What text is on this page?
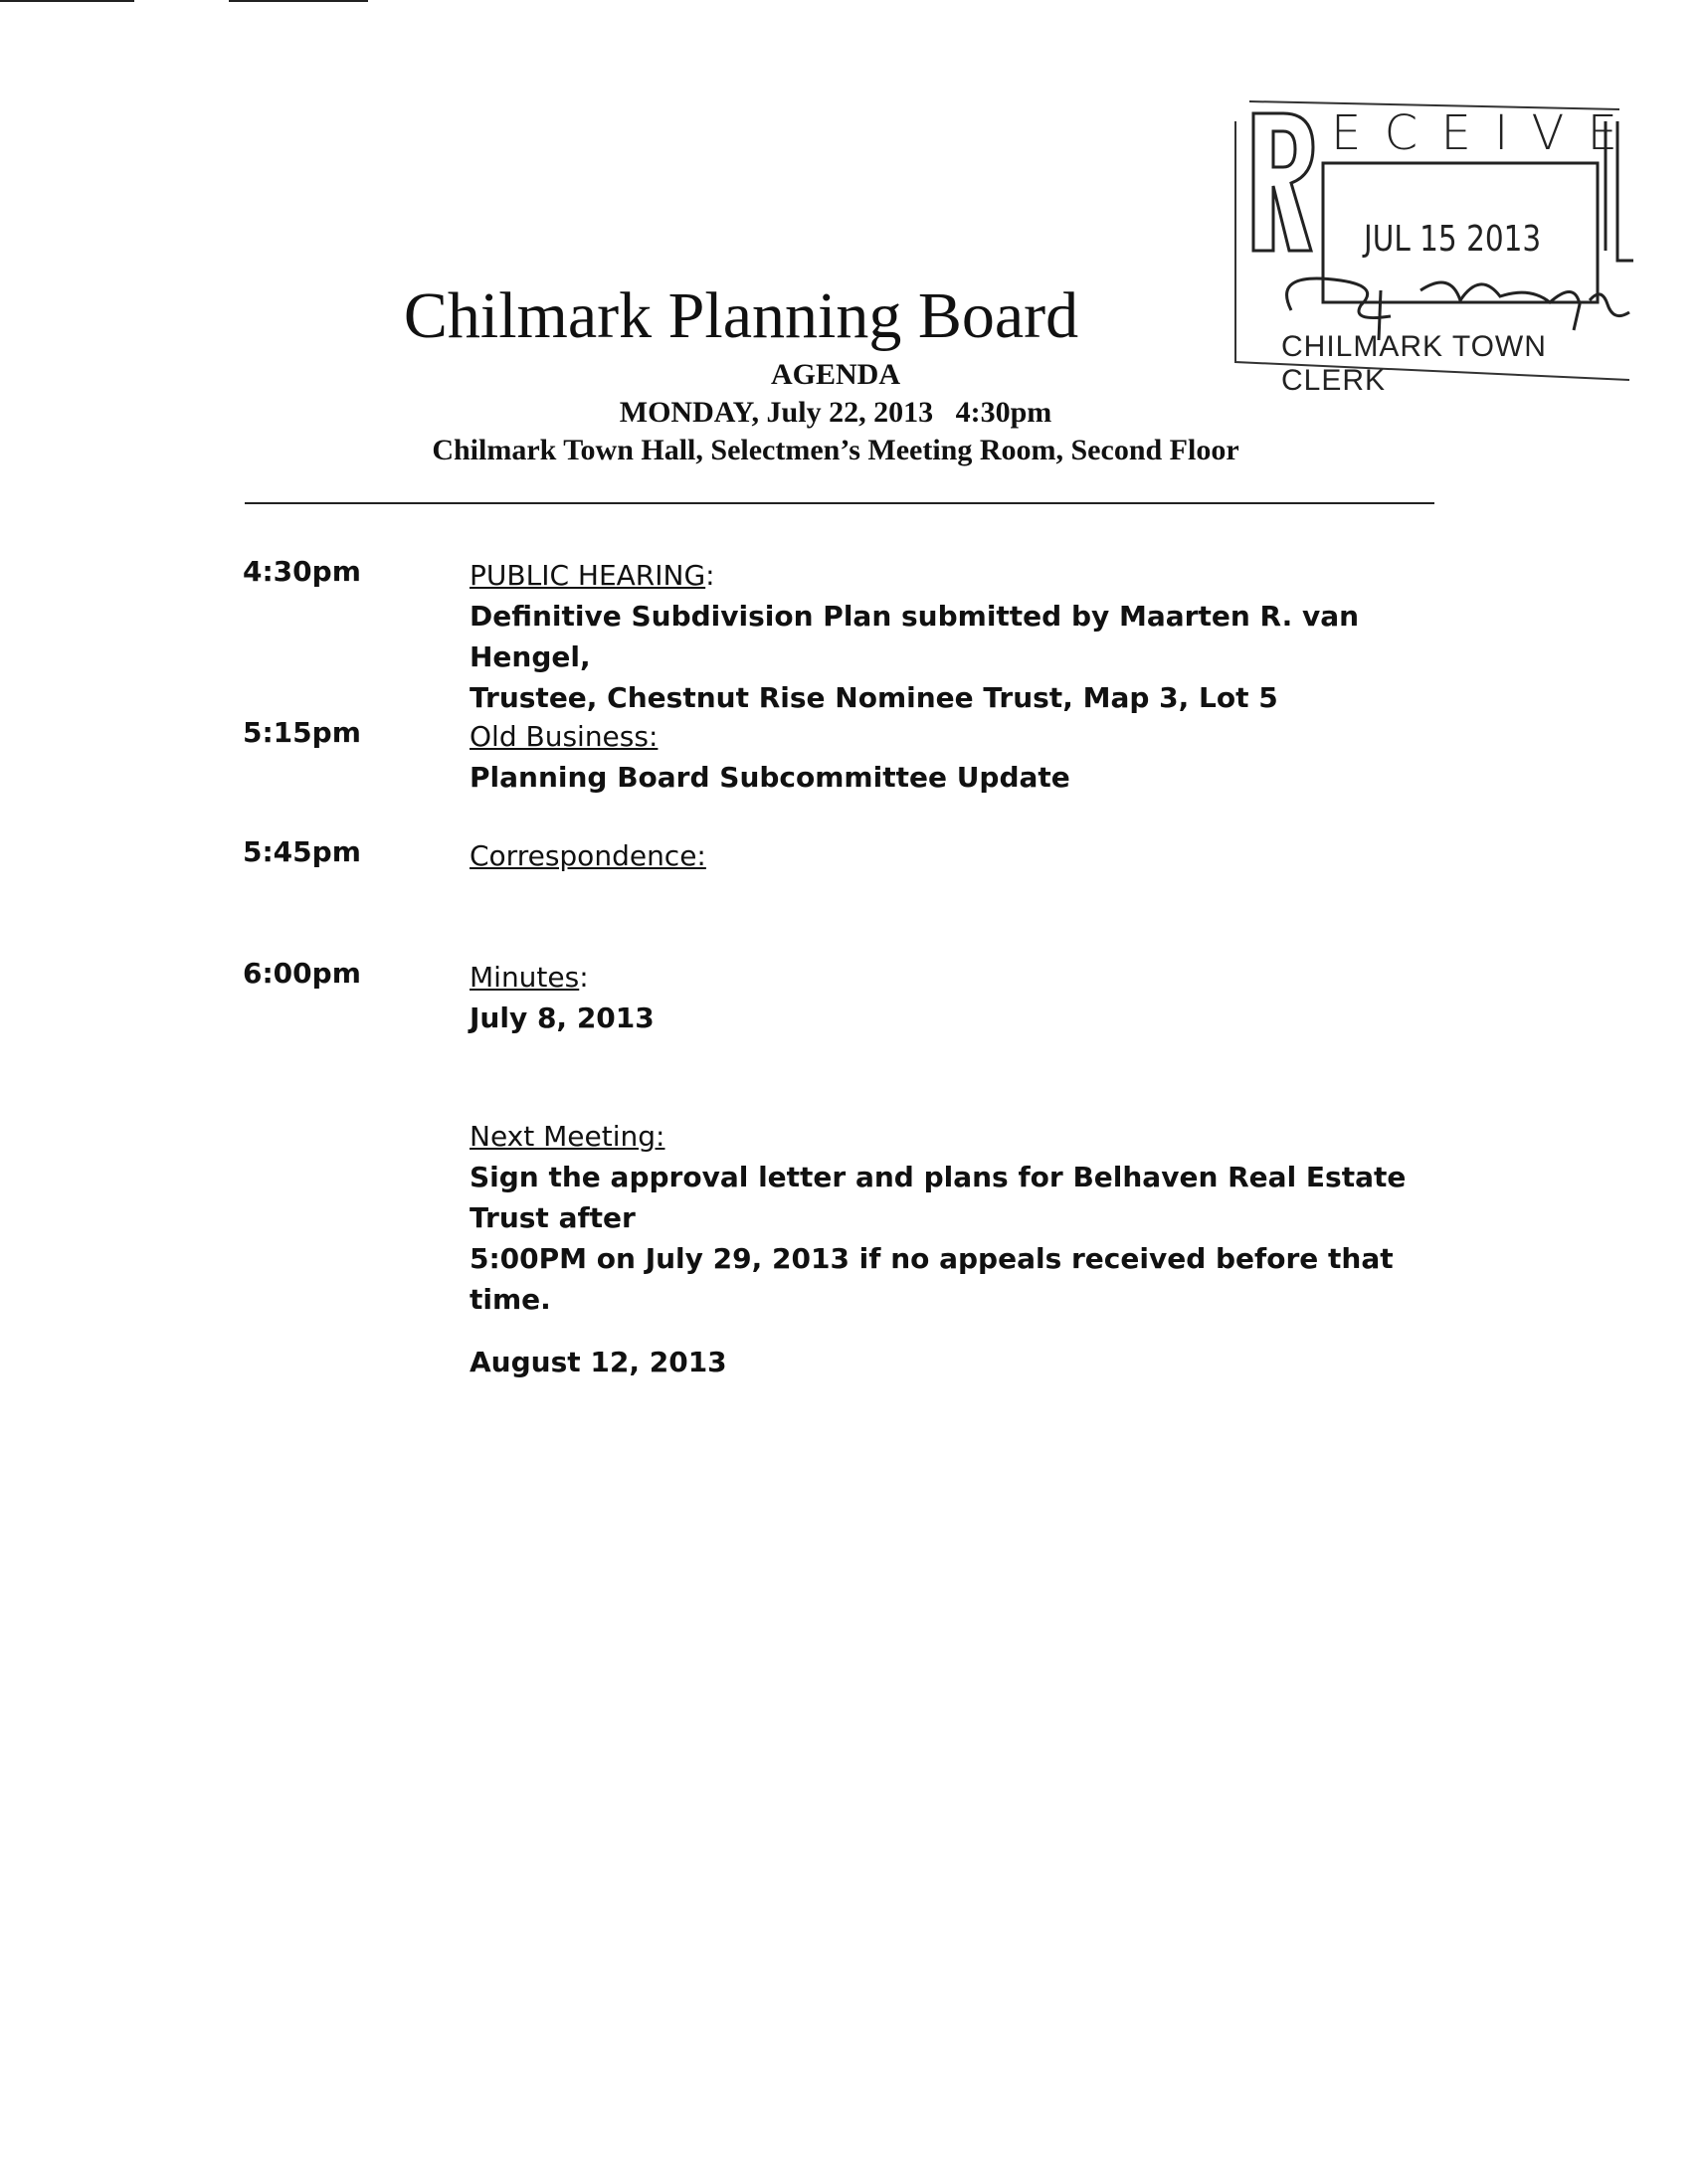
E C E I V E
JUL 15 2013
CHILMARK TOWN CLERK
Chilmark Planning Board
AGENDA
MONDAY, July 22, 2013   4:30pm
Chilmark Town Hall, Selectmen’s Meeting Room, Second Floor
4:30pm	PUBLIC HEARING:
Definitive Subdivision Plan submitted by Maarten R. van Hengel,
Trustee, Chestnut Rise Nominee Trust, Map 3, Lot 5
5:15pm	Old Business:
Planning Board Subcommittee Update
5:45pm	Correspondence:
6:00pm	Minutes:
July 8, 2013
Next Meeting:
Sign the approval letter and plans for Belhaven Real Estate Trust after
5:00PM on July 29, 2013 if no appeals received before that time.
August 12, 2013
